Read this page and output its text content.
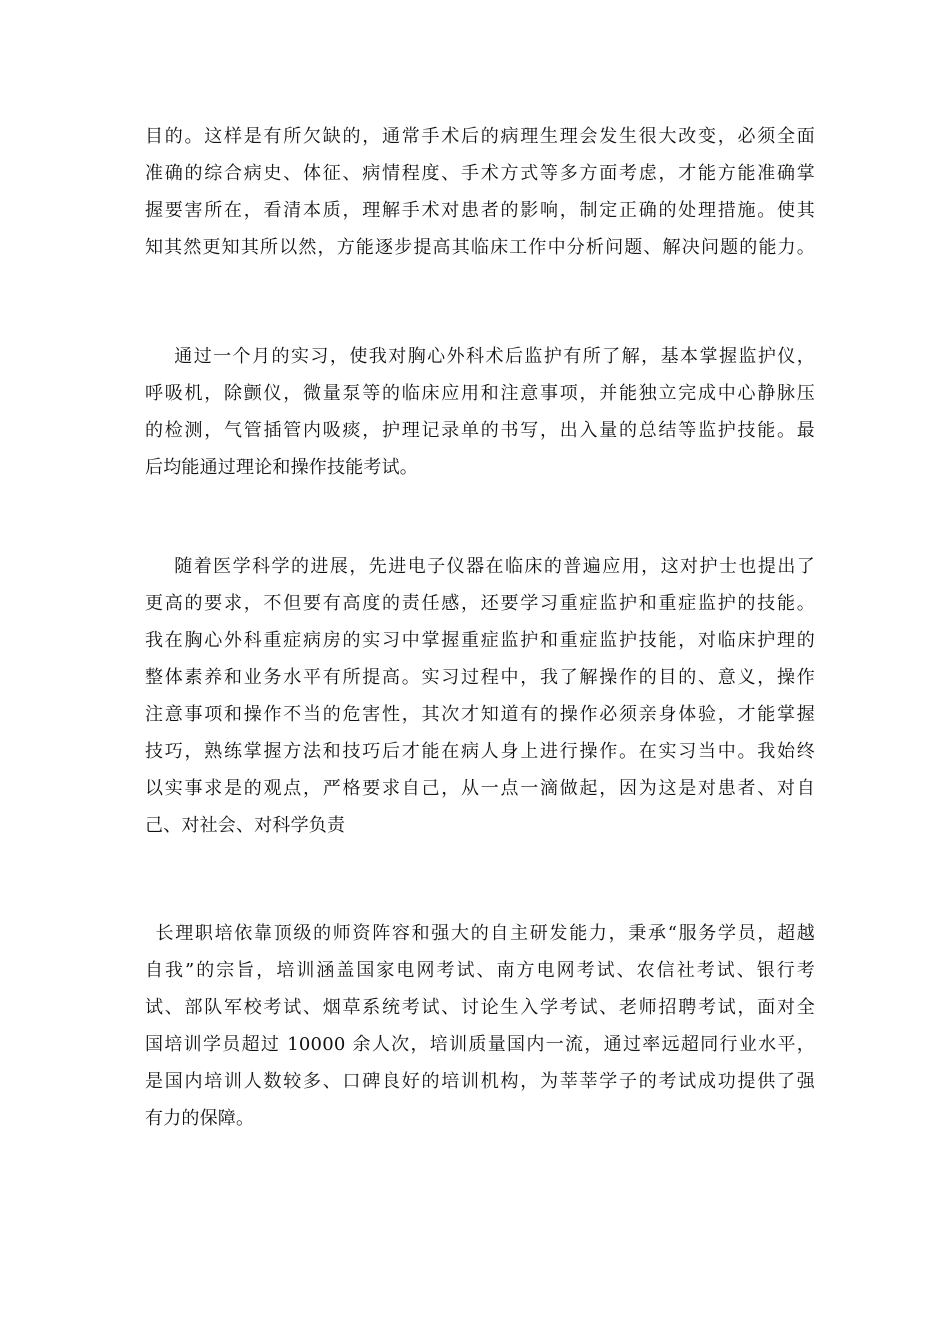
目的。这样是有所欠缺的，通常手术后的病理生理会发生很大改变，必须全面
准确的综合病史、体征、病情程度、手术方式等多方面考虑，才能方能准确掌
握要害所在，看清本质，理解手术对患者的影响，制定正确的处理措施。使其
知其然更知其所以然，方能逐步提高其临床工作中分析问题、解决问题的能力。
通过一个月的实习，使我对胸心外科术后监护有所了解，基本掌握监护仪，
呼吸机，除颤仪，微量泵等的临床应用和注意事项，并能独立完成中心静脉压
的检测，气管插管内吸痰，护理记录单的书写，出入量的总结等监护技能。最
后均能通过理论和操作技能考试。
随着医学科学的进展，先进电子仪器在临床的普遍应用，这对护士也提出了
更高的要求，不但要有高度的责任感，还要学习重症监护和重症监护的技能。
我在胸心外科重症病房的实习中掌握重症监护和重症监护技能，对临床护理的
整体素养和业务水平有所提高。实习过程中，我了解操作的目的、意义，操作
注意事项和操作不当的危害性，其次才知道有的操作必须亲身体验，才能掌握
技巧，熟练掌握方法和技巧后才能在病人身上进行操作。在实习当中。我始终
以实事求是的观点，严格要求自己，从一点一滴做起，因为这是对患者、对自
己、对社会、对科学负责
长理职培依靠顶级的师资阵容和强大的自主研发能力，秉承“服务学员，超越
自我”的宗旨，培训涵盖国家电网考试、南方电网考试、农信社考试、银行考
试、部队军校考试、烟草系统考试、讨论生入学考试、老师招聘考试，面对全
国培训学员超过 10000 余人次，培训质量国内一流，通过率远超同行业水平，
是国内培训人数较多、口碑良好的培训机构，为莘莘学子的考试成功提供了强
有力的保障。
